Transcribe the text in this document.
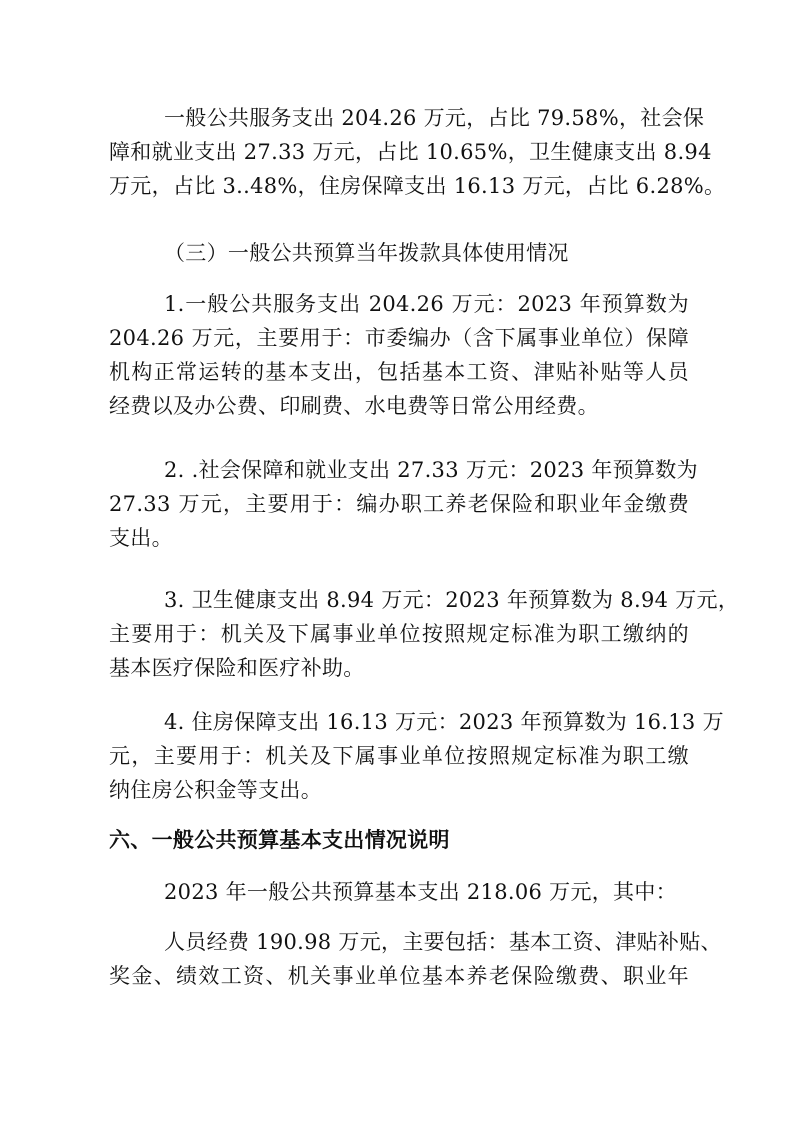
一般公共服务支出 204.26 万元，占比 79.58%，社会保
障和就业支出 27.33 万元，占比 10.65%，卫生健康支出 8.94
万元，占比 3..48%，住房保障支出 16.13 万元，占比 6.28%。
（三）一般公共预算当年拨款具体使用情况
1.一般公共服务支出 204.26 万元：2023 年预算数为
204.26 万元，主要用于：市委编办（含下属事业单位）保障
机构正常运转的基本支出，包括基本工资、津贴补贴等人员
经费以及办公费、印刷费、水电费等日常公用经费。
2. .社会保障和就业支出 27.33 万元：2023 年预算数为
27.33 万元，主要用于：编办职工养老保险和职业年金缴费
支出。
3. 卫生健康支出 8.94 万元：2023 年预算数为 8.94 万元，
主要用于：机关及下属事业单位按照规定标准为职工缴纳的
基本医疗保险和医疗补助。
4. 住房保障支出 16.13 万元：2023 年预算数为 16.13 万
元，主要用于：机关及下属事业单位按照规定标准为职工缴
纳住房公积金等支出。
六、一般公共预算基本支出情况说明
2023 年一般公共预算基本支出 218.06 万元，其中：
人员经费 190.98 万元，主要包括：基本工资、津贴补贴、
奖金、绩效工资、机关事业单位基本养老保险缴费、职业年
